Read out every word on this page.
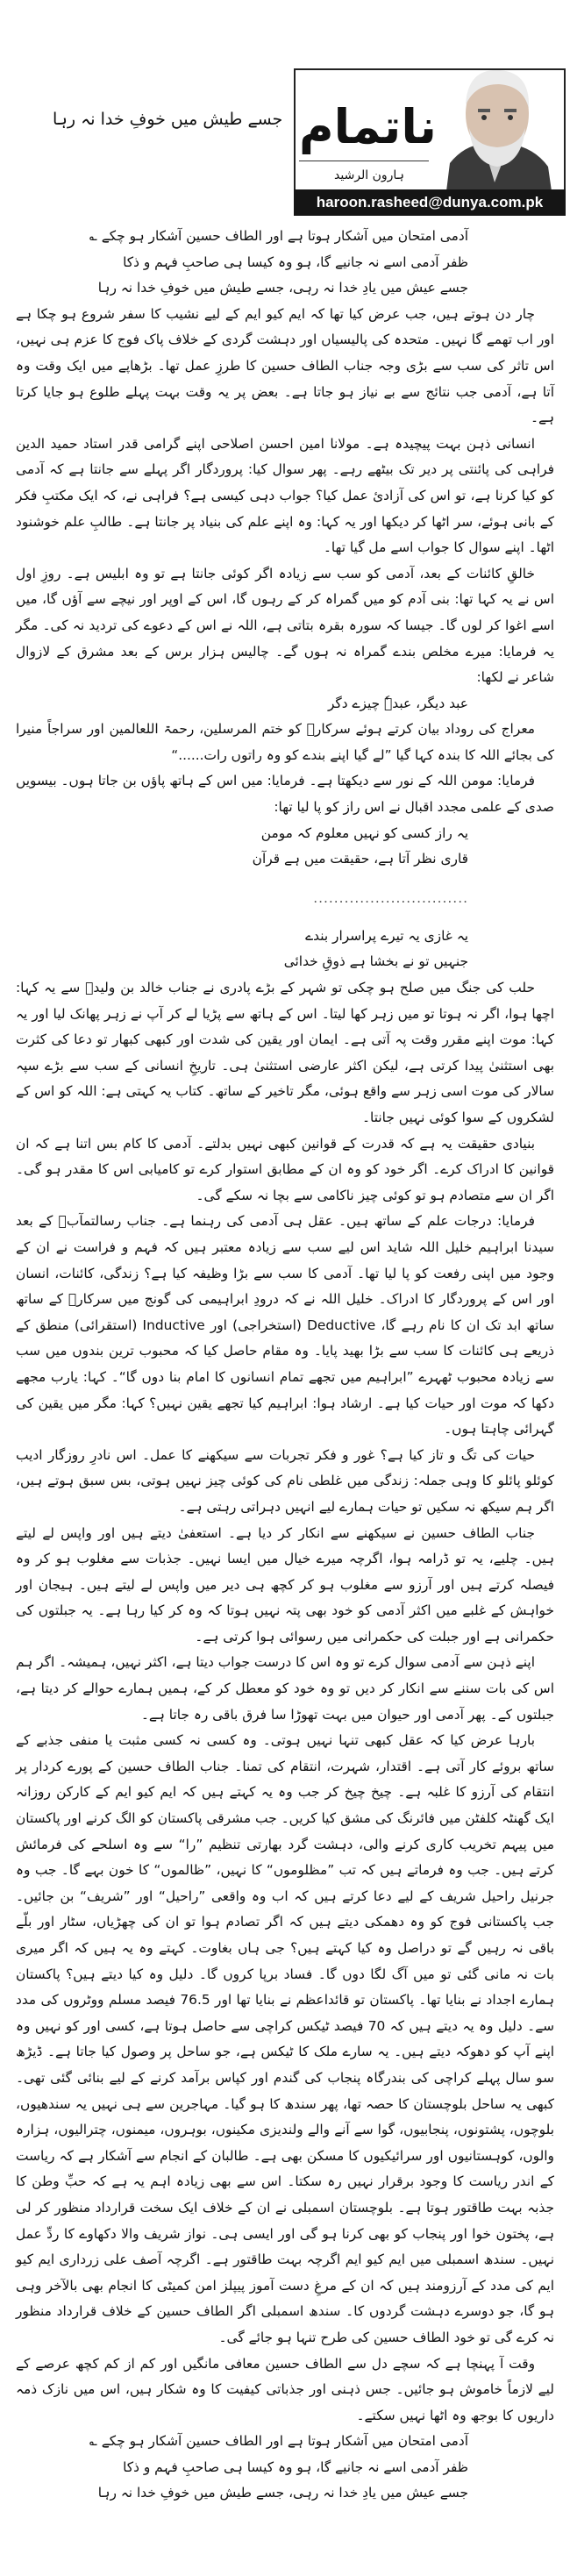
جسے طیش میں خوفِ خدا نہ رہا ناتمام
ہارون الرشید
haroon.rasheed@dunya.com.pk

آدمی امتحان میں آشکار ہوتا ہے اور الطاف حسین آشکار ہو چکے ؎

ظفر آدمی اسے نہ جانیے گا، ہو وہ کیسا ہی صاحبِ فہم و ذکا

جسے عیش میں یادِ خدا نہ رہی، جسے طیش میں خوفِ خدا نہ رہا

چار دن ہوتے ہیں، جب عرض کیا تھا کہ ایم کیو ایم کے لیے نشیب کا سفر شروع ہو چکا ہے اور اب تھمے گا نہیں۔ متحدہ کی پالیسیاں اور دہشت گردی کے خلاف پاک فوج کا عزم ہی نہیں، اس تاثر کی سب سے بڑی وجہ جناب الطاف حسین کا طرزِ عمل تھا۔ بڑھاپے میں ایک وقت وہ آتا ہے، آدمی جب نتائج سے بے نیاز ہو جاتا ہے۔ بعض پر یہ وقت بہت پہلے طلوع ہو جایا کرتا ہے۔

انسانی ذہن بہت پیچیدہ ہے۔ مولانا امین احسن اصلاحی اپنے گرامی قدر استاد حمید الدین فراہی کی پائنتی پر دیر تک بیٹھے رہے۔ پھر سوال کیا: پروردگار اگر پہلے سے جانتا ہے کہ آدمی کو کیا کرنا ہے، تو اس کی آزادیٔ عمل کیا؟ جواب دہی کیسی ہے؟ فراہی نے، کہ ایک مکتبِ فکر کے بانی ہوئے، سر اٹھا کر دیکھا اور یہ کہا: وہ اپنے علم کی بنیاد پر جانتا ہے۔ طالبِ علم خوشنود اٹھا۔ اپنے سوال کا جواب اسے مل گیا تھا۔

خالقِ کائنات کے بعد، آدمی کو سب سے زیادہ اگر کوئی جانتا ہے تو وہ ابلیس ہے۔ روزِ اول اس نے یہ کہا تھا: بنی آدم کو میں گمراہ کر کے رہوں گا، اس کے اوپر اور نیچے سے آؤں گا، میں اسے اغوا کر لوں گا۔ جیسا کہ سورہ بقرہ بتاتی ہے، اللہ نے اس کے دعوے کی تردید نہ کی۔ مگر یہ فرمایا: میرے مخلص بندے گمراہ نہ ہوں گے۔ چالیس ہزار برس کے بعد مشرق کے لازوال شاعر نے لکھا:

عبد دیگر، عبدہٗ چیزے دگر

معراج کی روداد بیان کرتے ہوئے سرکارؐ کو ختم المرسلین، رحمۃ اللعالمین اور سراجاً منیرا کی بجائے اللہ کا بندہ کہا گیا ”لے گیا اپنے بندے کو وہ راتوں رات......“

فرمایا: مومن اللہ کے نور سے دیکھتا ہے۔ فرمایا: میں اس کے ہاتھ پاؤں بن جاتا ہوں۔ بیسویں صدی کے علمی مجدد اقبال نے اس راز کو پا لیا تھا:

یہ راز کسی کو نہیں معلوم کہ مومن

قاری نظر آتا ہے، حقیقت میں ہے قرآن

..............................

یہ غازی یہ تیرے پراسرار بندے

جنہیں تو نے بخشا ہے ذوقِ خدائی

حلب کی جنگ میں صلح ہو چکی تو شہر کے بڑے پادری نے جناب خالد بن ولیدؓ سے یہ کہا: اچھا ہوا، اگر نہ ہوتا تو میں زہر کھا لیتا۔ اس کے ہاتھ سے پڑیا لے کر آپ نے زہر پھانک لیا اور یہ کہا: موت اپنے مقرر وقت پہ آتی ہے۔ ایمان اور یقین کی شدت اور کبھی کبھار تو دعا کی کثرت بھی استثنیٰ پیدا کرتی ہے، لیکن اکثر عارضی استثنیٰ ہی۔ تاریخِ انسانی کے سب سے بڑے سپہ سالار کی موت اسی زہر سے واقع ہوئی، مگر تاخیر کے ساتھ۔ کتاب یہ کہتی ہے: اللہ کو اس کے لشکروں کے سوا کوئی نہیں جانتا۔

بنیادی حقیقت یہ ہے کہ قدرت کے قوانین کبھی نہیں بدلتے۔ آدمی کا کام بس اتنا ہے کہ ان قوانین کا ادراک کرے۔ اگر خود کو وہ ان کے مطابق استوار کرے تو کامیابی اس کا مقدر ہو گی۔ اگر ان سے متصادم ہو تو کوئی چیز ناکامی سے بچا نہ سکے گی۔

فرمایا: درجات علم کے ساتھ ہیں۔ عقل ہی آدمی کی رہنما ہے۔ جناب رسالتمآبؐ کے بعد سیدنا ابراہیم خلیل اللہ شاید اس لیے سب سے زیادہ معتبر ہیں کہ فہم و فراست نے ان کے وجود میں اپنی رفعت کو پا لیا تھا۔ آدمی کا سب سے بڑا وظیفہ کیا ہے؟ زندگی، کائنات، انسان اور اس کے پروردگار کا ادراک۔ خلیل اللہ نے کہ درودِ ابراہیمی کی گونج میں سرکارؐ کے ساتھ ساتھ ابد تک ان کا نام رہے گا، Deductive (استخراجی) اور Inductive (استقرائی) منطق کے ذریعے ہی کائنات کا سب سے بڑا بھید پایا۔ وہ مقام حاصل کیا کہ محبوب ترین بندوں میں سب سے زیادہ محبوب ٹھہرے ”ابراہیم میں تجھے تمام انسانوں کا امام بنا دوں گا“۔ کہا: یارب مجھے دکھا کہ موت اور حیات کیا ہے۔ ارشاد ہوا: ابراہیم کیا تجھے یقین نہیں؟ کہا: مگر میں یقین کی گہرائی چاہتا ہوں۔

حیات کی تگ و تاز کیا ہے؟ غور و فکر تجربات سے سیکھنے کا عمل۔ اس نادرِ روزگار ادیب کوئلو پائلو کا وہی جملہ: زندگی میں غلطی نام کی کوئی چیز نہیں ہوتی، بس سبق ہوتے ہیں، اگر ہم سیکھ نہ سکیں تو حیات ہمارے لیے انہیں دہراتی رہتی ہے۔

جناب الطاف حسین نے سیکھنے سے انکار کر دیا ہے۔ استعفیٰ دیتے ہیں اور واپس لے لیتے ہیں۔ چلیے، یہ تو ڈرامہ ہوا، اگرچہ میرے خیال میں ایسا نہیں۔ جذبات سے مغلوب ہو کر وہ فیصلہ کرتے ہیں اور آرزو سے مغلوب ہو کر کچھ ہی دیر میں واپس لے لیتے ہیں۔ ہیجان اور خواہش کے غلبے میں اکثر آدمی کو خود بھی پتہ نہیں ہوتا کہ وہ کر کیا رہا ہے۔ یہ جبلتوں کی حکمرانی ہے اور جبلت کی حکمرانی میں رسوائی ہوا کرتی ہے۔

اپنے ذہن سے آدمی سوال کرے تو وہ اس کا درست جواب دیتا ہے، اکثر نہیں، ہمیشہ۔ اگر ہم اس کی بات سننے سے انکار کر دیں تو وہ خود کو معطل کر کے، ہمیں ہمارے حوالے کر دیتا ہے، جبلتوں کے۔ پھر آدمی اور حیوان میں بہت تھوڑا سا فرق باقی رہ جاتا ہے۔

بارہا عرض کیا کہ عقل کبھی تنہا نہیں ہوتی۔ وہ کسی نہ کسی مثبت یا منفی جذبے کے ساتھ بروئے کار آتی ہے۔ اقتدار، شہرت، انتقام کی تمنا۔ جناب الطاف حسین کے پورے کردار پر انتقام کی آرزو کا غلبہ ہے۔ چیخ چیخ کر جب وہ یہ کہتے ہیں کہ ایم کیو ایم کے کارکن روزانہ ایک گھنٹہ کلفٹن میں فائرنگ کی مشق کیا کریں۔ جب مشرقی پاکستان کو الگ کرنے اور پاکستان میں پیہم تخریب کاری کرنے والی، دہشت گرد بھارتی تنظیم ”را“ سے وہ اسلحے کی فرمائش کرتے ہیں۔ جب وہ فرماتے ہیں کہ تب ”مظلوموں“ کا نہیں، ”ظالموں“ کا خون بہے گا۔ جب وہ جرنیل راحیل شریف کے لیے دعا کرتے ہیں کہ اب وہ واقعی ”راحیل“ اور ”شریف“ بن جائیں۔ جب پاکستانی فوج کو وہ دھمکی دیتے ہیں کہ اگر تصادم ہوا تو ان کی چھڑیاں، سٹار اور بلّے باقی نہ رہیں گے تو دراصل وہ کیا کہتے ہیں؟ جی ہاں بغاوت۔ کہتے وہ یہ ہیں کہ اگر میری بات نہ مانی گئی تو میں آگ لگا دوں گا۔ فساد برپا کروں گا۔ دلیل وہ کیا دیتے ہیں؟ پاکستان ہمارے اجداد نے بنایا تھا۔ پاکستان تو قائداعظم نے بنایا تھا اور 76.5 فیصد مسلم ووٹروں کی مدد سے۔ دلیل وہ یہ دیتے ہیں کہ 70 فیصد ٹیکس کراچی سے حاصل ہوتا ہے، کسی اور کو نہیں وہ اپنے آپ کو دھوکہ دیتے ہیں۔ یہ سارے ملک کا ٹیکس ہے، جو ساحل پر وصول کیا جاتا ہے۔ ڈیڑھ سو سال پہلے کراچی کی بندرگاہ پنجاب کی گندم اور کپاس برآمد کرنے کے لیے بنائی گئی تھی۔ کبھی یہ ساحل بلوچستان کا حصہ تھا، پھر سندھ کا ہو گیا۔ مہاجرین سے ہی نہیں یہ سندھیوں، بلوچوں، پشتونوں، پنجابیوں، گوا سے آنے والے ولندیزی مکینوں، بوہروں، میمنوں، چترالیوں، ہزارہ والوں، کوہستانیوں اور سرائیکیوں کا مسکن بھی ہے۔ طالبان کے انجام سے آشکار ہے کہ ریاست کے اندر ریاست کا وجود برقرار نہیں رہ سکتا۔ اس سے بھی زیادہ اہم یہ ہے کہ حبِّ وطن کا جذبہ بہت طاقتور ہوتا ہے۔ بلوچستان اسمبلی نے ان کے خلاف ایک سخت قرارداد منظور کر لی ہے، پختون خوا اور پنجاب کو بھی کرنا ہو گی اور ایسی ہی۔ نواز شریف والا دکھاوے کا ردِّ عمل نہیں۔ سندھ اسمبلی میں ایم کیو ایم اگرچہ بہت طاقتور ہے۔ اگرچہ آصف علی زرداری ایم کیو ایم کی مدد کے آرزومند ہیں کہ ان کے مرغِ دست آموز پیپلز امن کمیٹی کا انجام بھی بالآخر وہی ہو گا، جو دوسرے دہشت گردوں کا۔ سندھ اسمبلی اگر الطاف حسین کے خلاف قرارداد منظور نہ کرے گی تو خود الطاف حسین کی طرح تنہا ہو جائے گی۔

وقت آ پہنچا ہے کہ سچے دل سے الطاف حسین معافی مانگیں اور کم از کم کچھ عرصے کے لیے لازماً خاموش ہو جائیں۔ جس ذہنی اور جذباتی کیفیت کا وہ شکار ہیں، اس میں نازک ذمہ داریوں کا بوجھ وہ اٹھا نہیں سکتے۔

آدمی امتحان میں آشکار ہوتا ہے اور الطاف حسین آشکار ہو چکے ؎

ظفر آدمی اسے نہ جانیے گا، ہو وہ کیسا ہی صاحبِ فہم و ذکا

جسے عیش میں یادِ خدا نہ رہی، جسے طیش میں خوفِ خدا نہ رہا
